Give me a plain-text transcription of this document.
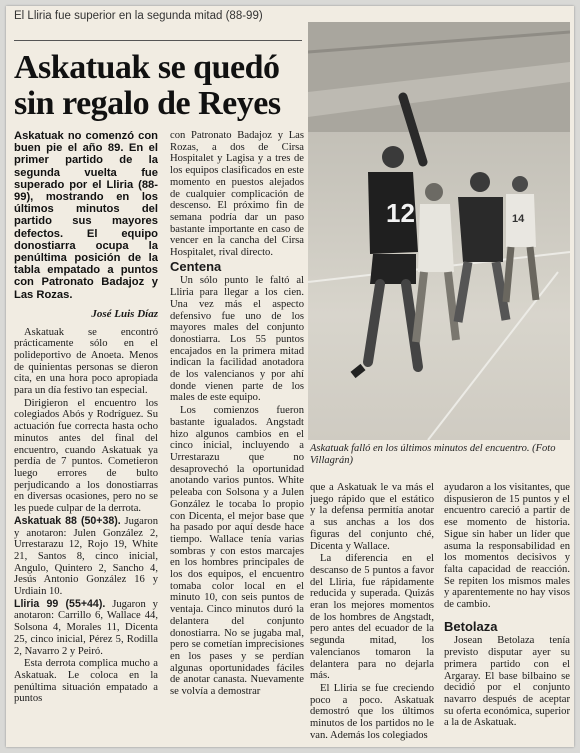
El Lliria fue superior en la segunda mitad (88-99)
Askatuak se quedó sin regalo de Reyes

Askatuak no comenzó con buen pie el año 89. En el primer partido de la segunda vuelta fue superado por el Lliria (88-99), mostrando en los últimos minutos del partido sus mayores defectos. El equipo donostiarra ocupa la penúltima posición de la tabla empatado a puntos con Patronato Badajoz y Las Rozas.

José Luis Díaz

Askatuak se encontró prácticamente sólo en el polideportivo de Anoeta. Menos de quinientas personas se dieron cita, en una hora poco apropiada para un día festivo tan especial.

Dirigieron el encuentro los colegiados Abós y Rodríguez. Su actuación fue correcta hasta ocho minutos antes del final del encuentro, cuando Askatuak ya perdía de 7 puntos. Cometieron luego errores de bulto perjudicando a los donostiarras en diversas ocasiones, pero no se les puede culpar de la derrota.

Askatuak 88 (50+38). Jugaron y anotaron: Julen González 2, Urrestarazu 12, Rojo 19, White 21, Santos 8, cinco inicial, Angulo, Quintero 2, Sancho 4, Jesús Antonio González 16 y Urdiain 10.

Lliria 99 (55+44). Jugaron y anotaron: Carrillo 6, Wallace 44, Solsona 4, Morales 11, Dicenta 25, cinco inicial, Pérez 5, Rodilla 2, Navarro 2 y Peiró.

Esta derrota complica mucho a Askatuak. Le coloca en la penúltima situación empatado a puntos

con Patronato Badajoz y Las Rozas, a dos de Cirsa Hospitalet y Lagisa y a tres de los equipos clasificados en este momento en puestos alejados de cualquier complicación de descenso. El próximo fin de semana podría dar un paso bastante importante en caso de vencer en la cancha del Cirsa Hospitalet, rival directo.

Centena

Un sólo punto le faltó al Lliria para llegar a los cien. Una vez más el aspecto defensivo fue uno de los mayores males del conjunto donostiarra. Los 55 puntos encajados en la primera mitad indican la facilidad anotadora de los valencianos y por ahí donde vienen parte de los males de este equipo.

Los comienzos fueron bastante igualados. Angstadt hizo algunos cambios en el cinco inicial, incluyendo a Urrestarazu que no desaprovechó la oportunidad anotando varios puntos. White peleaba con Solsona y a Julen González le tocaba lo propio con Dicenta, el mejor base que ha pasado por aquí desde hace tiempo. Wallace tenía varias sombras y con estos marcajes en los hombres principales de los dos equipos, el encuentro tomaba color local en el minuto 10, con seis puntos de ventaja. Cinco minutos duró la delantera del conjunto donostiarra. No se jugaba mal, pero se cometían imprecisiones en los pases y se perdían algunas oportunidades fáciles de anotar canasta. Nuevamente se volvía a demostrar

12	14
Askatuak falló en los últimos minutos del encuentro. (Foto Villagrán)

que a Askatuak le va más el juego rápido que el estático y la defensa permitía anotar a sus anchas a los dos figuras del conjunto ché, Dicenta y Wallace.

La diferencia en el descanso de 5 puntos a favor del Lliria, fue rápidamente reducida y superada. Quizás eran los mejores momentos de los hombres de Angstadt, pero antes del ecuador de la segunda mitad, los valencianos tomaron la delantera para no dejarla más.

El Lliria se fue creciendo poco a poco. Askatuak demostró que los últimos minutos de los partidos no le van. Además los colegiados

ayudaron a los visitantes, que dispusieron de 15 puntos y el encuentro careció a partir de ese momento de historia. Sigue sin haber un líder que asuma la responsabilidad en los momentos decisivos y falta capacidad de reacción. Se repiten los mismos males y aparentemente no hay visos de cambio.

Betolaza

Josean Betolaza tenía previsto disputar ayer su primera partido con el Argaray. El base bilbaino se decidió por el conjunto navarro después de aceptar su oferta económica, superior a la de Askatuak.
